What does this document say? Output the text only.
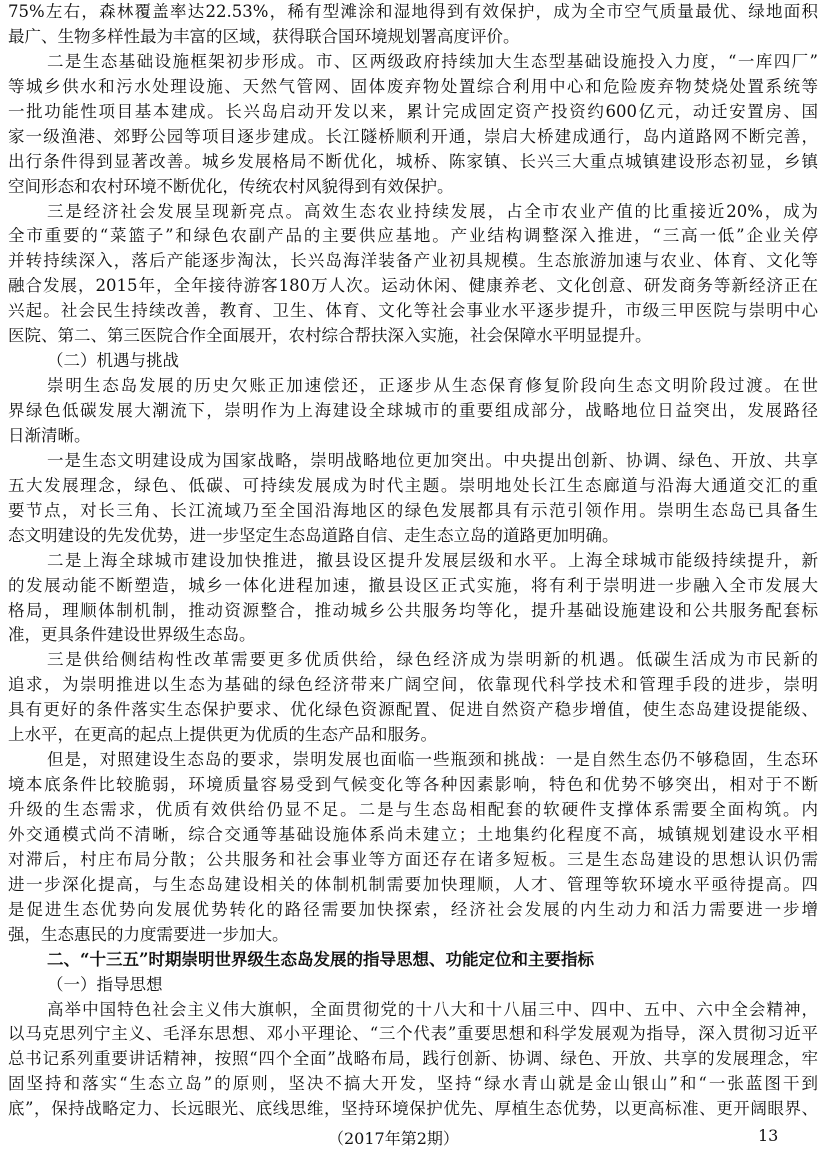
75%左右，森林覆盖率达22.53%，稀有型滩涂和湿地得到有效保护，成为全市空气质量最优、绿地面积
最广、生物多样性最为丰富的区域，获得联合国环境规划署高度评价。
二是生态基础设施框架初步形成。市、区两级政府持续加大生态型基础设施投入力度，“一库四厂”
等城乡供水和污水处理设施、天然气管网、固体废弃物处置综合利用中心和危险废弃物焚烧处置系统等
一批功能性项目基本建成。长兴岛启动开发以来，累计完成固定资产投资约600亿元，动迁安置房、国
家一级渔港、郊野公园等项目逐步建成。长江隧桥顺利开通，崇启大桥建成通行，岛内道路网不断完善，
出行条件得到显著改善。城乡发展格局不断优化，城桥、陈家镇、长兴三大重点城镇建设形态初显，乡镇
空间形态和农村环境不断优化，传统农村风貌得到有效保护。
三是经济社会发展呈现新亮点。高效生态农业持续发展，占全市农业产值的比重接近20%，成为
全市重要的“菜篮子”和绿色农副产品的主要供应基地。产业结构调整深入推进，“三高一低”企业关停
并转持续深入，落后产能逐步淘汰，长兴岛海洋装备产业初具规模。生态旅游加速与农业、体育、文化等
融合发展，2015年，全年接待游客180万人次。运动休闲、健康养老、文化创意、研发商务等新经济正在
兴起。社会民生持续改善，教育、卫生、体育、文化等社会事业水平逐步提升，市级三甲医院与崇明中心
医院、第二、第三医院合作全面展开，农村综合帮扶深入实施，社会保障水平明显提升。
（二）机遇与挑战
崇明生态岛发展的历史欠账正加速偿还，正逐步从生态保育修复阶段向生态文明阶段过渡。在世
界绿色低碳发展大潮流下，崇明作为上海建设全球城市的重要组成部分，战略地位日益突出，发展路径
日渐清晰。
一是生态文明建设成为国家战略，崇明战略地位更加突出。中央提出创新、协调、绿色、开放、共享
五大发展理念，绿色、低碳、可持续发展成为时代主题。崇明地处长江生态廊道与沿海大通道交汇的重
要节点，对长三角、长江流域乃至全国沿海地区的绿色发展都具有示范引领作用。崇明生态岛已具备生
态文明建设的先发优势，进一步坚定生态岛道路自信、走生态立岛的道路更加明确。
二是上海全球城市建设加快推进，撤县设区提升发展层级和水平。上海全球城市能级持续提升，新
的发展动能不断塑造，城乡一体化进程加速，撤县设区正式实施，将有利于崇明进一步融入全市发展大
格局，理顺体制机制，推动资源整合，推动城乡公共服务均等化，提升基础设施建设和公共服务配套标
准，更具条件建设世界级生态岛。
三是供给侧结构性改革需要更多优质供给，绿色经济成为崇明新的机遇。低碳生活成为市民新的
追求，为崇明推进以生态为基础的绿色经济带来广阔空间，依靠现代科学技术和管理手段的进步，崇明
具有更好的条件落实生态保护要求、优化绿色资源配置、促进自然资产稳步增值，使生态岛建设提能级、
上水平，在更高的起点上提供更为优质的生态产品和服务。
但是，对照建设生态岛的要求，崇明发展也面临一些瓶颈和挑战：一是自然生态仍不够稳固，生态环
境本底条件比较脆弱，环境质量容易受到气候变化等各种因素影响，特色和优势不够突出，相对于不断
升级的生态需求，优质有效供给仍显不足。二是与生态岛相配套的软硬件支撑体系需要全面构筑。内
外交通模式尚不清晰，综合交通等基础设施体系尚未建立；土地集约化程度不高，城镇规划建设水平相
对滞后，村庄布局分散；公共服务和社会事业等方面还存在诸多短板。三是生态岛建设的思想认识仍需
进一步深化提高，与生态岛建设相关的体制机制需要加快理顺，人才、管理等软环境水平亟待提高。四
是促进生态优势向发展优势转化的路径需要加快探索，经济社会发展的内生动力和活力需要进一步增
强，生态惠民的力度需要进一步加大。
二、“十三五”时期崇明世界级生态岛发展的指导思想、功能定位和主要指标
（一）指导思想
高举中国特色社会主义伟大旗帜，全面贯彻党的十八大和十八届三中、四中、五中、六中全会精神，
以马克思列宁主义、毛泽东思想、邓小平理论、“三个代表”重要思想和科学发展观为指导，深入贯彻习近平
总书记系列重要讲话精神，按照“四个全面”战略布局，践行创新、协调、绿色、开放、共享的发展理念，牢
固坚持和落实“生态立岛”的原则，坚决不搞大开发，坚持“绿水青山就是金山银山”和“一张蓝图干到
底”，保持战略定力、长远眼光、底线思维，坚持环境保护优先、厚植生态优势，以更高标准、更开阔眼界、
（2017年第2期）	13
